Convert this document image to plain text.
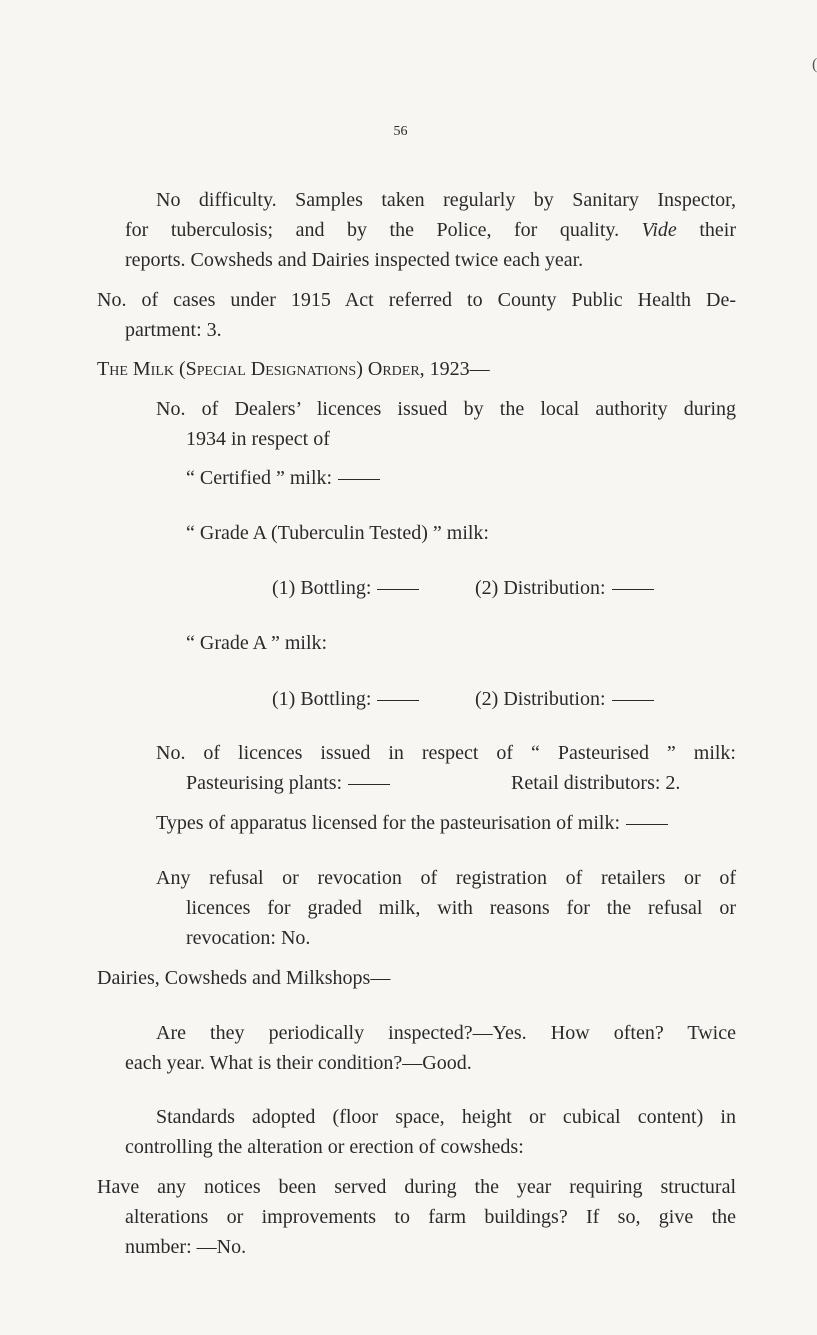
(
56
No difficulty. Samples taken regularly by Sanitary Inspector,
for tuberculosis; and by the Police, for quality. Vide their
reports. Cowsheds and Dairies inspected twice each year.
No. of cases under 1915 Act referred to County Public Health De-
partment: 3.
The Milk (Special Designations) Order, 1923—
No. of Dealers’ licences issued by the local authority during
1934 in respect of
“ Certified ” milk:
“ Grade A (Tuberculin Tested) ” milk:
(1) Bottling:	(2) Distribution:
“ Grade A ” milk:
(1) Bottling:	(2) Distribution:
No. of licences issued in respect of “ Pasteurised ” milk:
Pasteurising plants:	Retail distributors: 2.
Types of apparatus licensed for the pasteurisation of milk:
Any refusal or revocation of registration of retailers or of
licences for graded milk, with reasons for the refusal or
revocation: No.
Dairies, Cowsheds and Milkshops—
Are they periodically inspected?—Yes. How often? Twice
each year. What is their condition?—Good.
Standards adopted (floor space, height or cubical content) in
controlling the alteration or erection of cowsheds:
Have any notices been served during the year requiring structural
alterations or improvements to farm buildings? If so, give the
number: —No.
